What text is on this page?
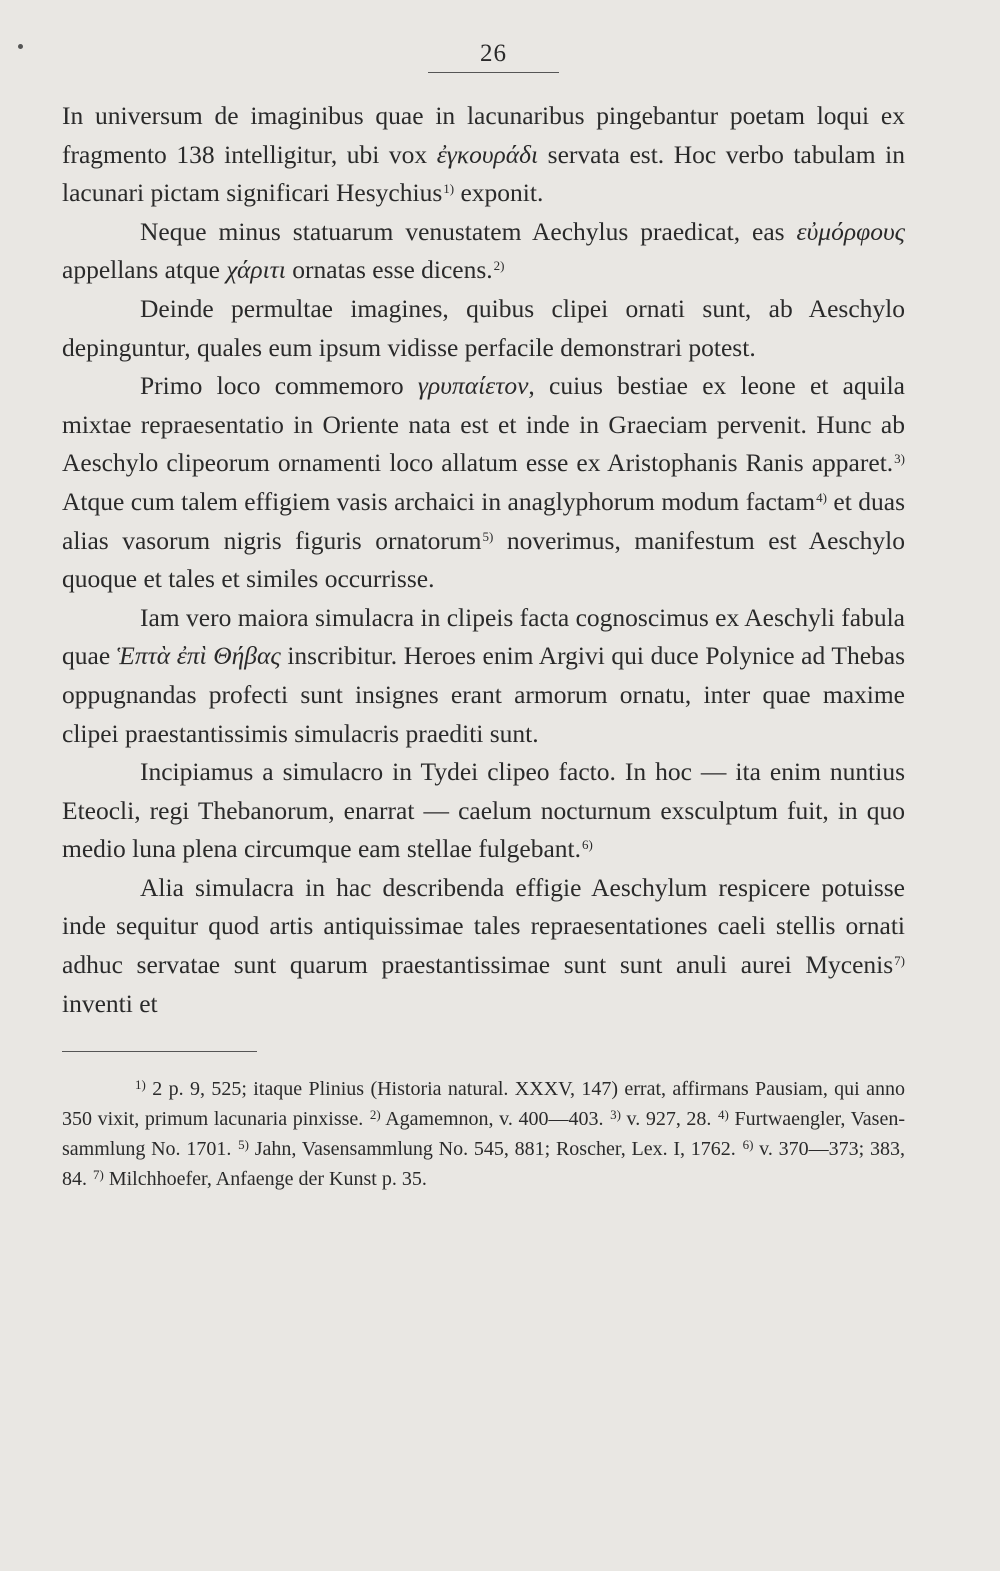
26

In universum de imaginibus quae in lacunaribus pingebantur poetam loqui ex fragmento 138 intelligitur, ubi vox ἐγκουράδι servata est. Hoc verbo tabulam in lacunari pictam significari Hesychius$^{1)}$ exponit.

Neque minus statuarum venustatem Aechylus praedicat, eas εὐμόρφους appellans atque χάριτι ornatas esse dicens.$^{2)}$

Deinde permultae imagines, quibus clipei ornati sunt, ab Aeschylo depinguntur, quales eum ipsum vidisse perfacile demonstrari potest.

Primo loco commemoro γρυπαίετον, cuius bestiae ex leone et aquila mixtae repraesentatio in Oriente nata est et inde in Graeciam pervenit. Hunc ab Aeschylo clipeorum ornamenti loco allatum esse ex Aristophanis Ranis apparet.$^{3)}$ Atque cum talem effigiem vasis archaici in anaglyphorum modum factam$^{4)}$ et duas alias vasorum nigris figuris ornatorum$^{5)}$ noverimus, manifestum est Aeschylo quoque et tales et similes occurrisse.

Iam vero maiora simulacra in clipeis facta cognoscimus ex Aeschyli fabula quae Ἑπτὰ ἐπὶ Θήβας inscribitur. Heroes enim Argivi qui duce Polynice ad Thebas oppugnandas profecti sunt insignes erant armorum ornatu, inter quae maxime clipei praestantissimis simulacris praediti sunt.

Incipiamus a simulacro in Tydei clipeo facto. In hoc — ita enim nuntius Eteocli, regi Thebanorum, enarrat — caelum nocturnum exsculptum fuit, in quo medio luna plena circumque eam stellae fulgebant.$^{6)}$

Alia simulacra in hac describenda effigie Aeschylum respicere potuisse inde sequitur quod artis antiquissimae tales repraesentationes caeli stellis ornati adhuc servatae sunt quarum praestantissimae sunt sunt anuli aurei Mycenis$^{7)}$ inventi et

$^{1)}$ 2 p. 9, 525; itaque Plinius (Historia natural. XXXV, 147) errat, affirmans Pausiam, qui anno 350 vixit, primum lacunaria pinxisse. $^{2)}$ Agamemnon, v. 400—403. $^{3)}$ v. 927, 28. $^{4)}$ Furtwaengler, Vasensammlung No. 1701. $^{5)}$ Jahn, Vasensammlung No. 545, 881; Roscher, Lex. I, 1762. $^{6)}$ v. 370—373; 383, 84. $^{7)}$ Milchhoefer, Anfaenge der Kunst p. 35.
